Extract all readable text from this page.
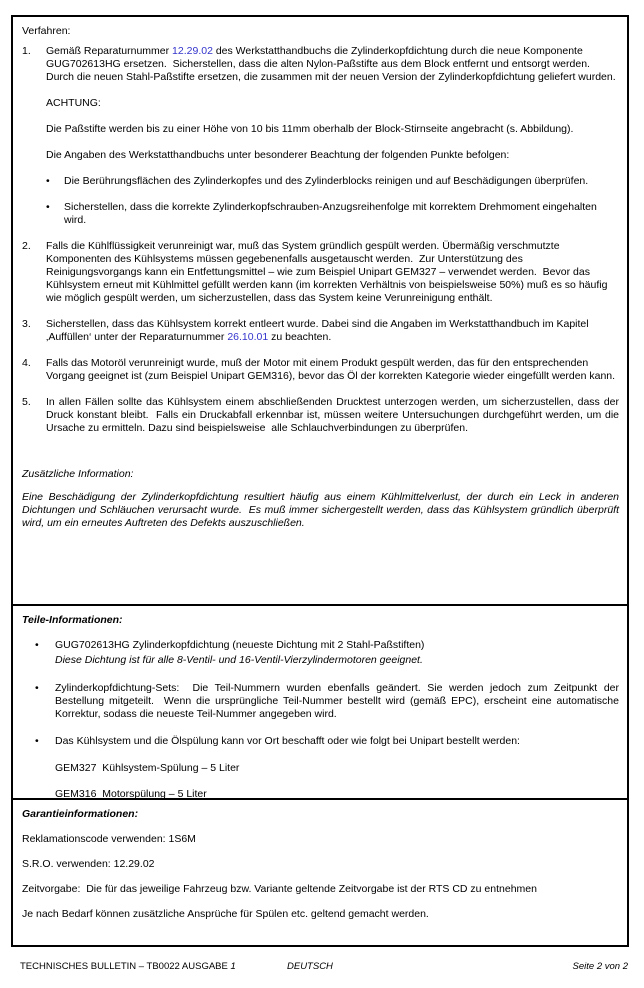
Verfahren:

1.	Gemäß Reparaturnummer 12.29.02 des Werkstatthandbuchs die Zylinderkopfdichtung durch die neue Komponente GUG702613HG ersetzen.  Sicherstellen, dass die alten Nylon-Paßstifte aus dem Block entfernt und entsorgt werden.  Durch die neuen Stahl-Paßstifte ersetzen, die zusammen mit der neuen Version der Zylinderkopfdichtung geliefert wurden.

ACHTUNG:

Die Paßstifte werden bis zu einer Höhe von 10 bis 11mm oberhalb der Block-Stirnseite angebracht (s. Abbildung).

Die Angaben des Werkstatthandbuchs unter besonderer Beachtung der folgenden Punkte befolgen:

•	Die Berührungsflächen des Zylinderkopfes und des Zylinderblocks reinigen und auf Beschädigungen überprüfen.
•	Sicherstellen, dass die korrekte Zylinderkopfschrauben-Anzugsreihenfolge mit korrektem Drehmoment eingehalten wird.
2.	Falls die Kühlflüssigkeit verunreinigt war, muß das System gründlich gespült werden. Übermäßig verschmutzte Komponenten des Kühlsystems müssen gegebenenfalls ausgetauscht werden.  Zur Unterstützung des Reinigungsvorgangs kann ein Entfettungsmittel – wie zum Beispiel Unipart GEM327 – verwendet werden.  Bevor das Kühlsystem erneut mit Kühlmittel gefüllt werden kann (im korrekten Verhältnis von beispielsweise 50%) muß es so häufig wie möglich gespült werden, um sicherzustellen, dass das System keine Verunreinigung enthält.

3.	Sicherstellen, dass das Kühlsystem korrekt entleert wurde. Dabei sind die Angaben im Werkstatthandbuch im Kapitel ‚Auffüllen‘ unter der Reparaturnummer 26.10.01 zu beachten.

4.	Falls das Motoröl verunreinigt wurde, muß der Motor mit einem Produkt gespült werden, das für den entsprechenden Vorgang geeignet ist (zum Beispiel Unipart GEM316), bevor das Öl der korrekten Kategorie wieder eingefüllt werden kann.

5.	In allen Fällen sollte das Kühlsystem einem abschließenden Drucktest unterzogen werden, um sicherzustellen, dass der Druck konstant bleibt.  Falls ein Druckabfall erkennbar ist, müssen weitere Untersuchungen durchgeführt werden, um die Ursache zu ermitteln. Dazu sind beispielsweise  alle Schlauchverbindungen zu überprüfen.

Zusätzliche Information:

Eine Beschädigung der Zylinderkopfdichtung resultiert häufig aus einem Kühlmittelverlust, der durch ein Leck in anderen Dichtungen und Schläuchen verursacht wurde.  Es muß immer sichergestellt werden, dass das Kühlsystem gründlich überprüft wird, um ein erneutes Auftreten des Defekts auszuschließen.

Teile-Informationen:

•	GUG702613HG Zylinderkopfdichtung (neueste Dichtung mit 2 Stahl-Paßstiften)

Diese Dichtung ist für alle 8-Ventil- und 16-Ventil-Vierzylindermotoren geeignet.

•	Zylinderkopfdichtung-Sets:  Die Teil-Nummern wurden ebenfalls geändert. Sie werden jedoch zum Zeitpunkt der Bestellung mitgeteilt.  Wenn die ursprüngliche Teil-Nummer bestellt wird (gemäß EPC), erscheint eine automatische Korrektur, sodass die neueste Teil-Nummer angegeben wird.
•	Das Kühlsystem und die Ölspülung kann vor Ort beschafft oder wie folgt bei Unipart bestellt werden:

GEM327  Kühlsystem-Spülung – 5 Liter

GEM316  Motorspülung – 5 Liter

Garantieinformationen:

Reklamationscode verwenden: 1S6M

S.R.O. verwenden: 12.29.02

Zeitvorgabe:  Die für das jeweilige Fahrzeug bzw. Variante geltende Zeitvorgabe ist der RTS CD zu entnehmen

Je nach Bedarf können zusätzliche Ansprüche für Spülen etc. geltend gemacht werden.

TECHNISCHES BULLETIN – TB0022 AUSGABE 1	DEUTSCH	Seite 2 von 2
